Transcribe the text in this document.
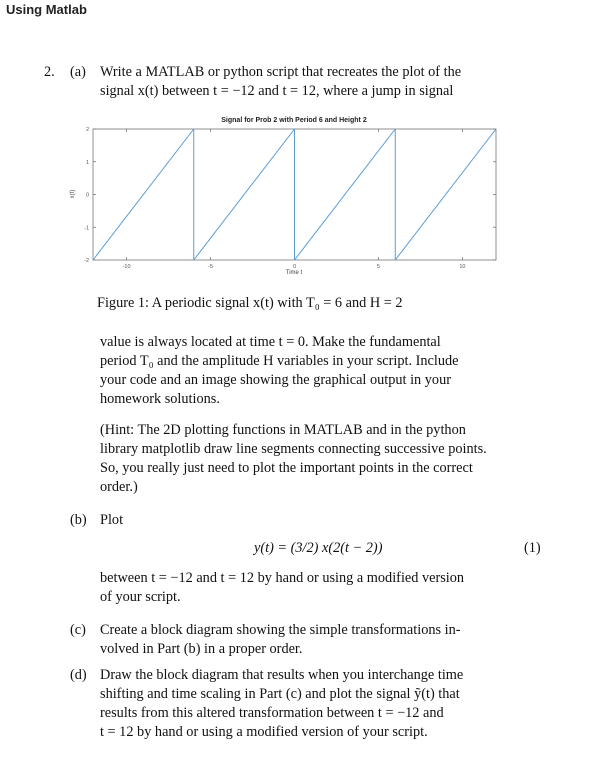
Using Matlab
2. (a) Write a MATLAB or python script that recreates the plot of the
signal x(t) between t = −12 and t = 12, where a jump in signal
Signal for Prob 2 with Period 6 and Height 2
-10	-5	0	5	10
-2
-1
0
1
2
Time t
x(t)
Figure 1: A periodic signal x(t) with T₀ = 6 and H = 2
value is always located at time t = 0. Make the fundamental
period T₀ and the amplitude H variables in your script. Include
your code and an image showing the graphical output in your
homework solutions.
(Hint: The 2D plotting functions in MATLAB and in the python
library matplotlib draw line segments connecting successive points.
So, you really just need to plot the important points in the correct
order.)
(b) Plot
y(t) = (3/2) x(2(t − 2))	(1)
between t = −12 and t = 12 by hand or using a modified version
of your script.
(c) Create a block diagram showing the simple transformations in-
volved in Part (b) in a proper order.
(d) Draw the block diagram that results when you interchange time
shifting and time scaling in Part (c) and plot the signal ỹ(t) that
results from this altered transformation between t = −12 and
t = 12 by hand or using a modified version of your script.
